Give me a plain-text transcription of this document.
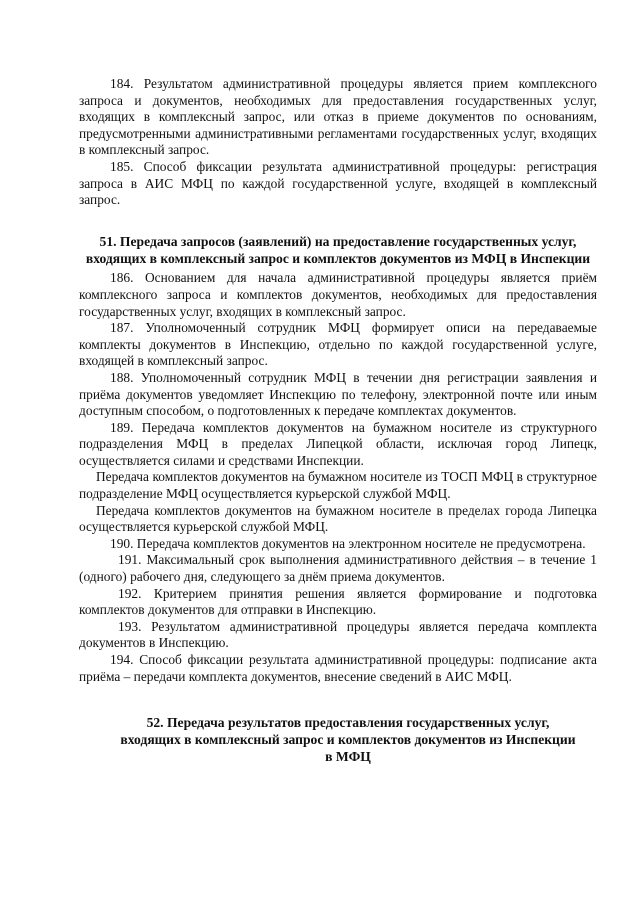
184. Результатом административной процедуры является прием комплексного запроса и документов, необходимых для предоставления государственных услуг, входящих в комплексный запрос, или отказ в приеме документов по основаниям, предусмотренными административными регламентами государственных услуг, входящих в комплексный запрос.

185. Способ фиксации результата административной процедуры: регистрация запроса в АИС МФЦ по каждой государственной услуге, входящей в комплексный запрос.

51. Передача запросов (заявлений) на предоставление государственных услуг, входящих в комплексный запрос и комплектов документов из МФЦ в Инспекции

186. Основанием для начала административной процедуры является приём комплексного запроса и комплектов документов, необходимых для предоставления государственных услуг, входящих в комплексный запрос.

187. Уполномоченный сотрудник МФЦ формирует описи на передаваемые комплекты документов в Инспекцию, отдельно по каждой государственной услуге, входящей в комплексный запрос.

188. Уполномоченный сотрудник МФЦ в течении дня регистрации заявления и приёма документов уведомляет Инспекцию по телефону, электронной почте или иным доступным способом, о подготовленных к передаче комплектах документов.

189. Передача комплектов документов на бумажном носителе из структурного подразделения МФЦ в пределах Липецкой области, исключая город Липецк, осуществляется силами и средствами Инспекции.

Передача комплектов документов на бумажном носителе из ТОСП МФЦ в структурное подразделение МФЦ осуществляется курьерской службой МФЦ.

Передача комплектов документов на бумажном носителе в пределах города Липецка осуществляется курьерской службой МФЦ.

190. Передача комплектов документов на электронном носителе не предусмотрена.

191. Максимальный срок выполнения административного действия – в течение 1 (одного) рабочего дня, следующего за днём приема документов.

192. Критерием принятия решения является формирование и подготовка комплектов документов для отправки в Инспекцию.

193. Результатом административной процедуры является передача комплекта документов в Инспекцию.

194. Способ фиксации результата административной процедуры: подписание акта приёма – передачи комплекта документов, внесение сведений в АИС МФЦ.

52. Передача результатов предоставления государственных услуг, входящих в комплексный запрос и комплектов документов из Инспекции в МФЦ
